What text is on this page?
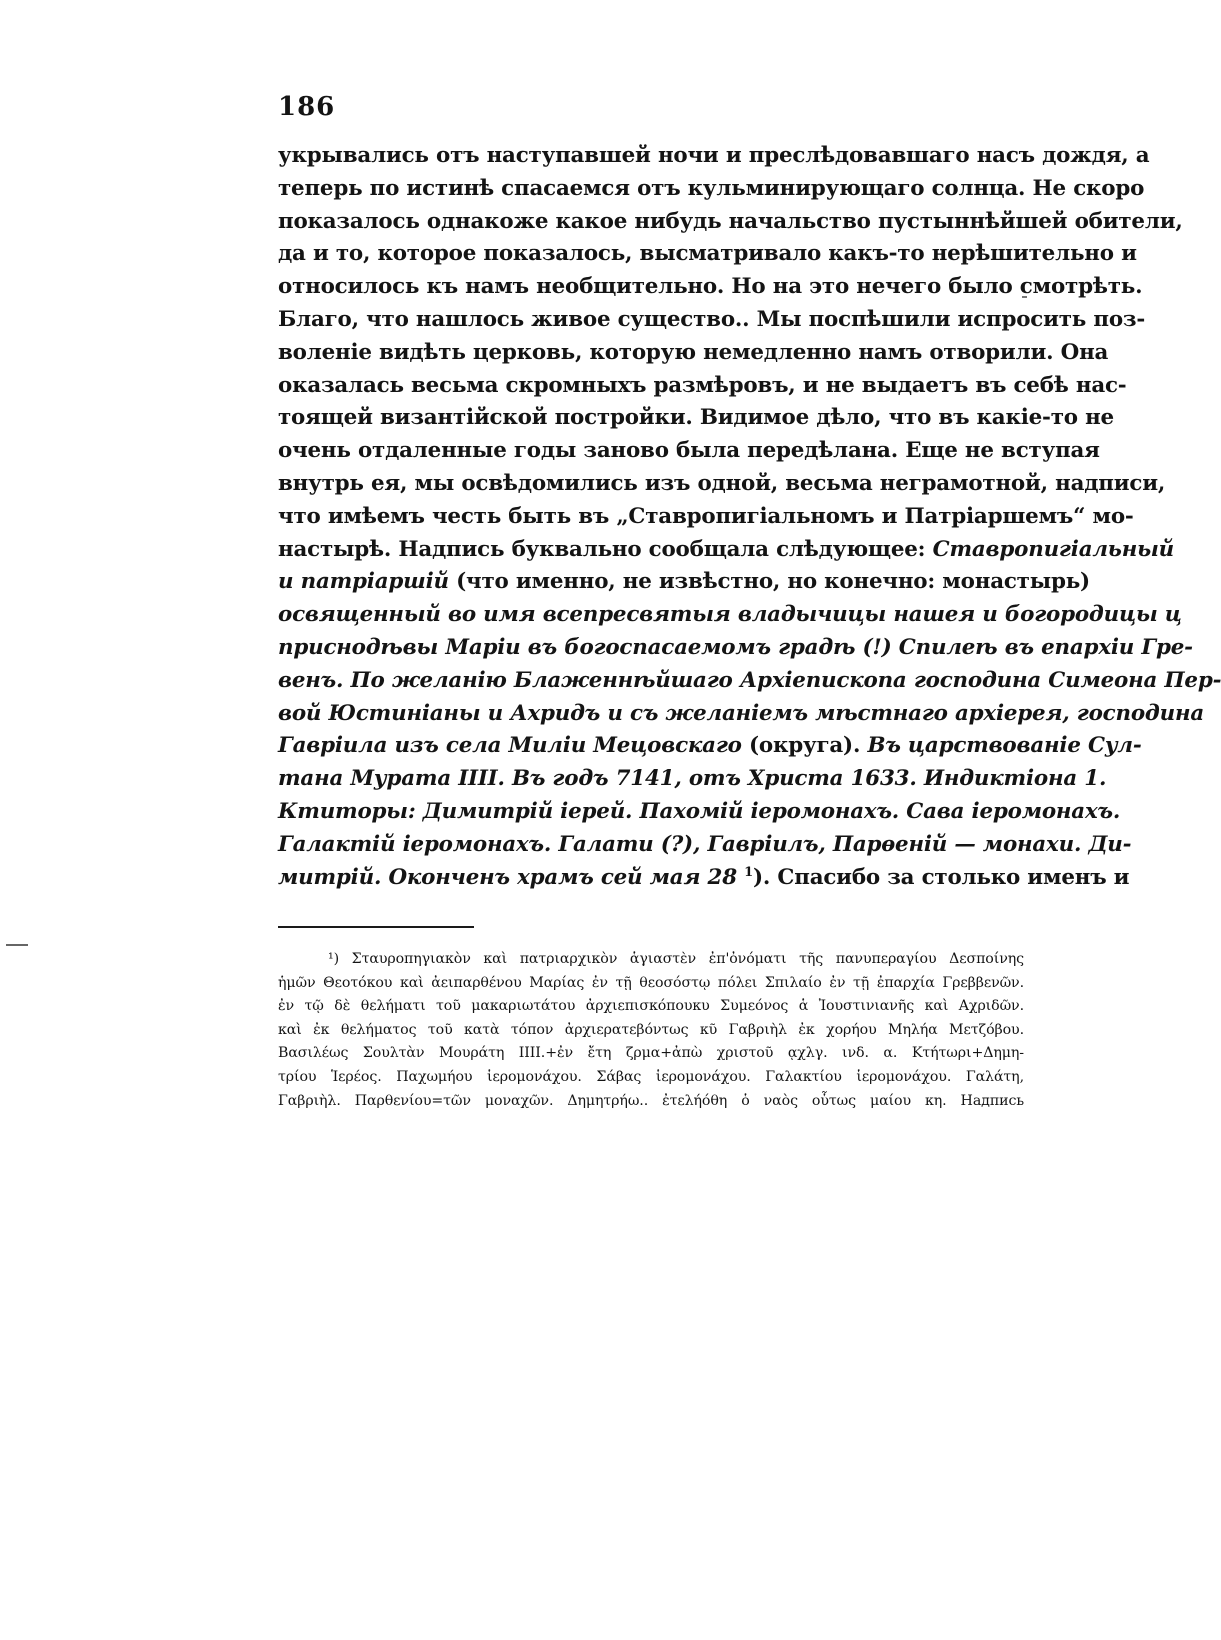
186
укрывались отъ наступавшей ночи и преслѣдовавшаго насъ дождя, а
теперь по истинѣ спасаемся отъ кульминирующаго солнца. Не скоро
показалось однакоже какое нибудь начальство пустыннѣйшей обители,
да и то, которое показалось, высматривало какъ-то нерѣшительно и
относилось къ намъ необщительно. Но на это нечего было смотрѣть.
Благо, что нашлось живое существо.. Мы поспѣшили испросить поз-
воленіе видѣть церковь, которую немедленно намъ отворили. Она
оказалась весьма скромныхъ размѣровъ, и не выдаетъ въ себѣ нас-
тоящей византійской постройки. Видимое дѣло, что въ какіе-то не
очень отдаленные годы заново была передѣлана. Еще не вступая
внутрь ея, мы освѣдомились изъ одной, весьма неграмотной, надписи,
что имѣемъ честь быть въ „Ставропигіальномъ и Патріаршемъ“ мо-
настырѣ. Надпись буквально сообщала слѣдующее: Ставропигіальный
и патріаршій (что именно, не извѣстно, но конечно: монастырь)
освященный во имя всепресвятыя владычицы нашея и богородицы ц
приснодѣвы Маріи въ богоспасаемомъ градѣ (!) Спилеѣ въ епархіи Гре-
венъ. По желанію Блаженнѣйшаго Архіепископа господина Симеона Пер-
вой Юстиніаны и Ахридъ и съ желаніемъ мѣстнаго архіерея, господина
Гавріила изъ села Миліи Мецовскаго (округа). Въ царствованіе Сул-
тана Мурата IIII. Въ годъ 7141, отъ Христа 1633. Индиктіона 1.
Ктиторы: Димитрій іерей. Пахомій іеромонахъ. Сава іеромонахъ.
Галактій іеромонахъ. Галати (?), Гавріилъ, Парѳеній — монахи. Ди-
митрій. Оконченъ храмъ сей мая 28 $^1$). Спасибо за столько именъ и
¹) Σταυροπηγιακὸν καὶ πατριαρχικὸν ἁγιαστὲν ἐπ'ὀνόματι τῆς πανυπεραγίου Δεσποίνης
ἡμῶν Θεοτόκου καὶ ἀειπαρθένου Μαρίας ἐν τῇ θεοσόστῳ πόλει Σπιλαίο ἐν τῇ ἐπαρχία Γρεββενῶν.
ἐν τῷ δὲ θελήματι τοῦ μακαριωτάτου ἀρχιεπισκόπουκυ Συμεόνος ἁ Ἰουστινιανῆς καὶ Αχριδῶν.
καὶ ἐκ θελήματος τοῦ κατὰ τόπον ἀρχιερατεβόντως κῦ Γαβριὴλ ἐκ χορήου Μηλήα Μετζόβου.
Βασιλέως Σουλτὰν Μουράτη IIII.+ἐν ἔτη ζρμα+ἀπὼ χριστοῦ ᾳχλγ. ινδ. α. Κτήτωρι+Δημη-
τρίου Ἱερέος. Παχωμήου ἱερομονάχου. Σάβας ἱερομονάχου. Γαλακτίου ἱερομονάχου. Γαλάτη,
Γαβριὴλ. Παρθενίου=τῶν μοναχῶν. Δημητρήω.. ἐτελήόθη ὁ ναὸς οὗτως μαίου κη. Надпись
